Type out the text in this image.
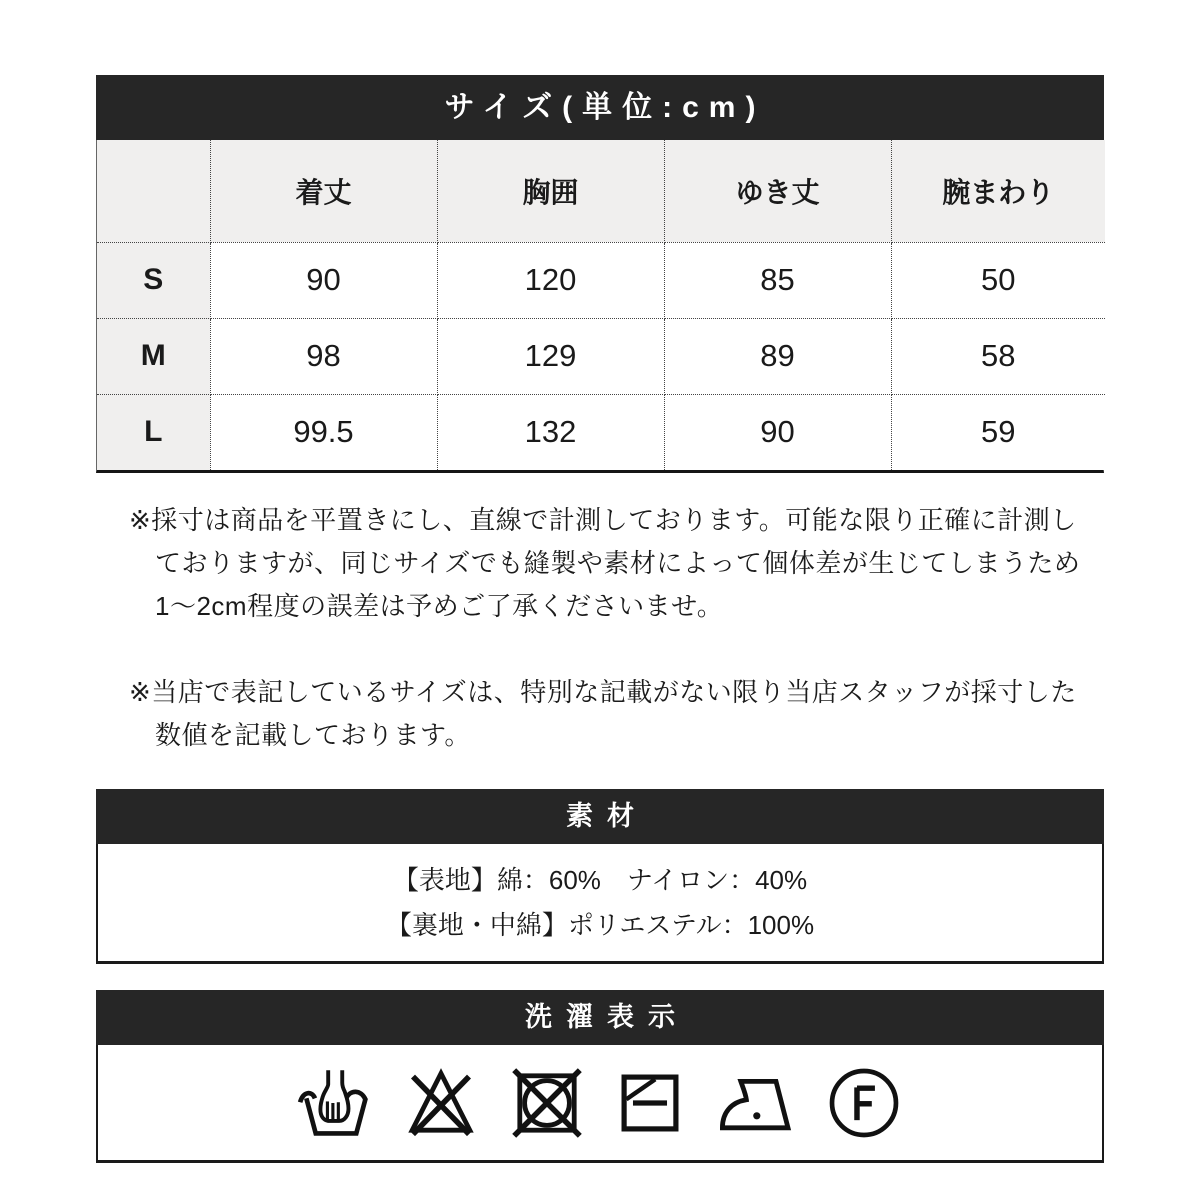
サイズ(単位:cm)
	着丈	胸囲	ゆき丈	腕まわり
S	90	120	85	50
M	98	129	89	58
L	99.5	132	90	59
※採寸は商品を平置きにし、直線で計測しております。可能な限り正確に計測し
ておりますが、同じサイズでも縫製や素材によって個体差が生じてしまうため
1〜2cm程度の誤差は予めご了承くださいませ。
※当店で表記しているサイズは、特別な記載がない限り当店スタッフが採寸した
数値を記載しております。
素材
【表地】綿：60%　ナイロン：40%
【裏地・中綿】ポリエステル：100%
洗濯表示
